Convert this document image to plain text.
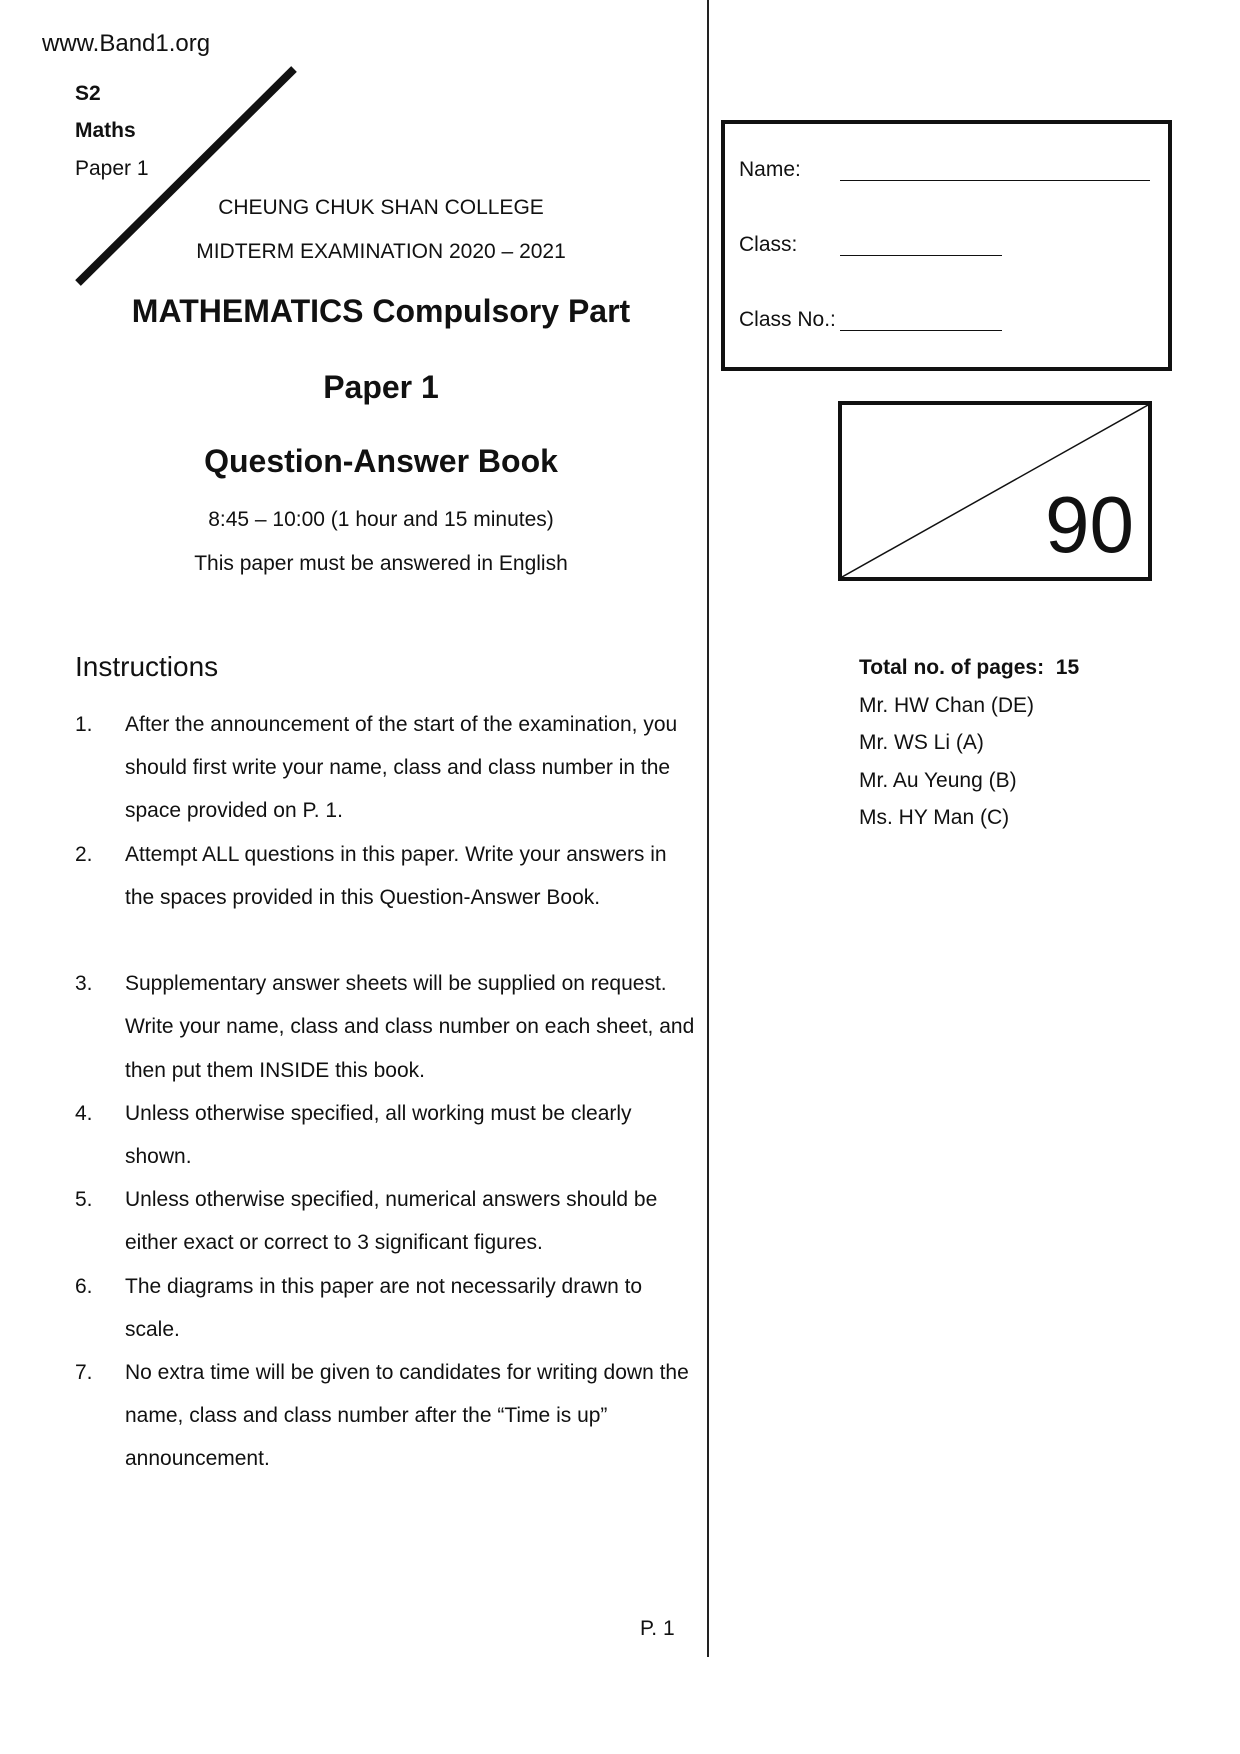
www.Band1.org
S2
Maths
Paper 1
CHEUNG CHUK SHAN COLLEGE
MIDTERM EXAMINATION 2020 – 2021
MATHEMATICS Compulsory Part
Paper 1
Question-Answer Book
8:45 – 10:00 (1 hour and 15 minutes)
This paper must be answered in English
Instructions
1. After the announcement of the start of the examination, you should first write your name, class and class number in the space provided on P. 1.
2. Attempt ALL questions in this paper. Write your answers in the spaces provided in this Question-Answer Book.
3. Supplementary answer sheets will be supplied on request. Write your name, class and class number on each sheet, and then put them INSIDE this book.
4. Unless otherwise specified, all working must be clearly shown.
5. Unless otherwise specified, numerical answers should be either exact or correct to 3 significant figures.
6. The diagrams in this paper are not necessarily drawn to scale.
7. No extra time will be given to candidates for writing down the name, class and class number after the “Time is up” announcement.
Name:
Class:
Class No.:
90
Total no. of pages: 15
Mr. HW Chan (DE)
Mr. WS Li (A)
Mr. Au Yeung (B)
Ms. HY Man (C)
P. 1
